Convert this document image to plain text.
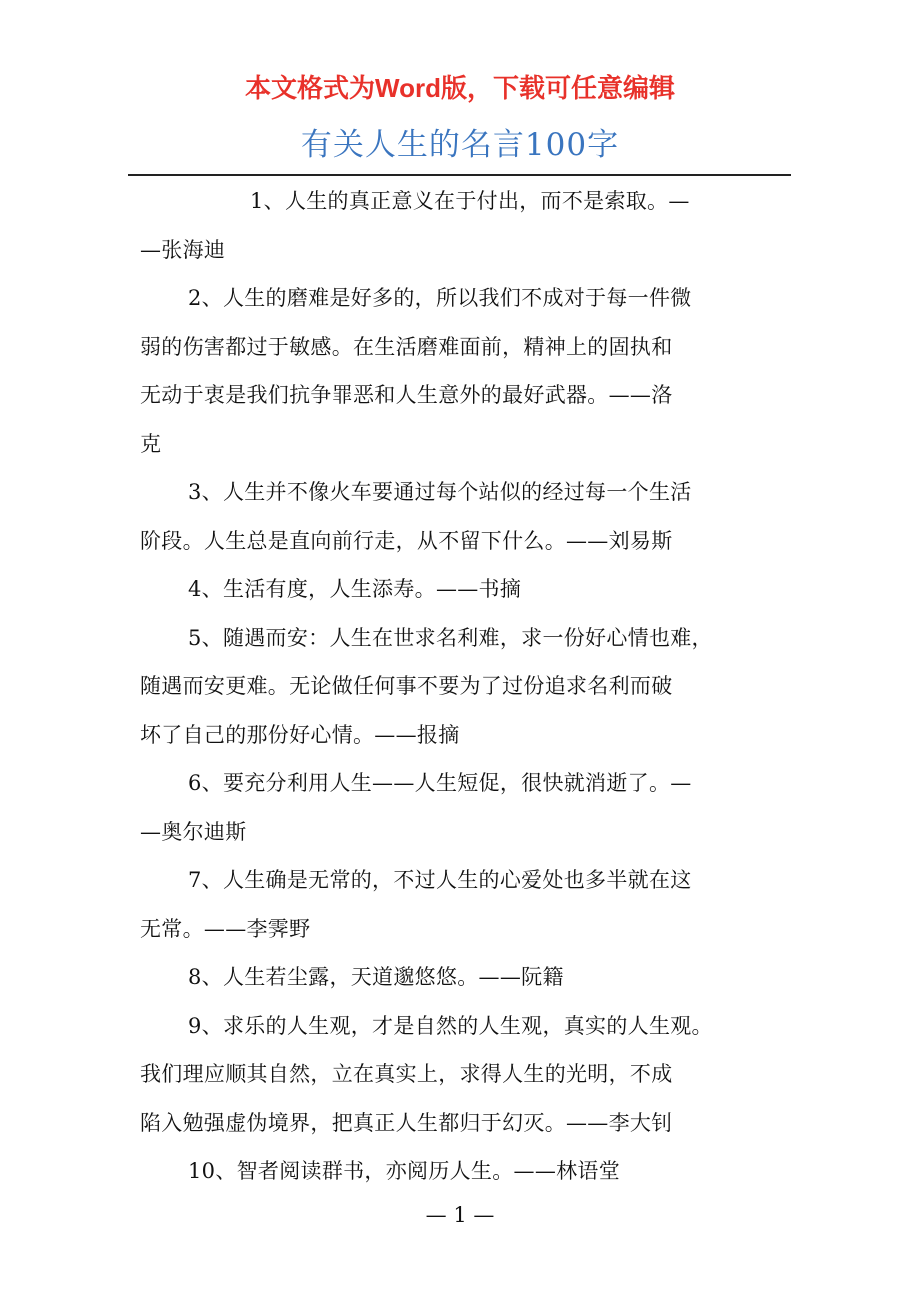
本文格式为Word版，下载可任意编辑
有关人生的名言100字
1、人生的真正意义在于付出，而不是索取。—
—张海迪
2、人生的磨难是好多的，所以我们不成对于每一件微
弱的伤害都过于敏感。在生活磨难面前，精神上的固执和
无动于衷是我们抗争罪恶和人生意外的最好武器。——洛
克
3、人生并不像火车要通过每个站似的经过每一个生活
阶段。人生总是直向前行走，从不留下什么。——刘易斯
4、生活有度，人生添寿。——书摘
5、随遇而安：人生在世求名利难，求一份好心情也难，
随遇而安更难。无论做任何事不要为了过份追求名利而破
坏了自己的那份好心情。——报摘
6、要充分利用人生——人生短促，很快就消逝了。—
—奥尔迪斯
7、人生确是无常的，不过人生的心爱处也多半就在这
无常。——李霁野
8、人生若尘露，天道邈悠悠。——阮籍
9、求乐的人生观，才是自然的人生观，真实的人生观。
我们理应顺其自然，立在真实上，求得人生的光明，不成
陷入勉强虚伪境界，把真正人生都归于幻灭。——李大钊
10、智者阅读群书，亦阅历人生。——林语堂
— 1 —
